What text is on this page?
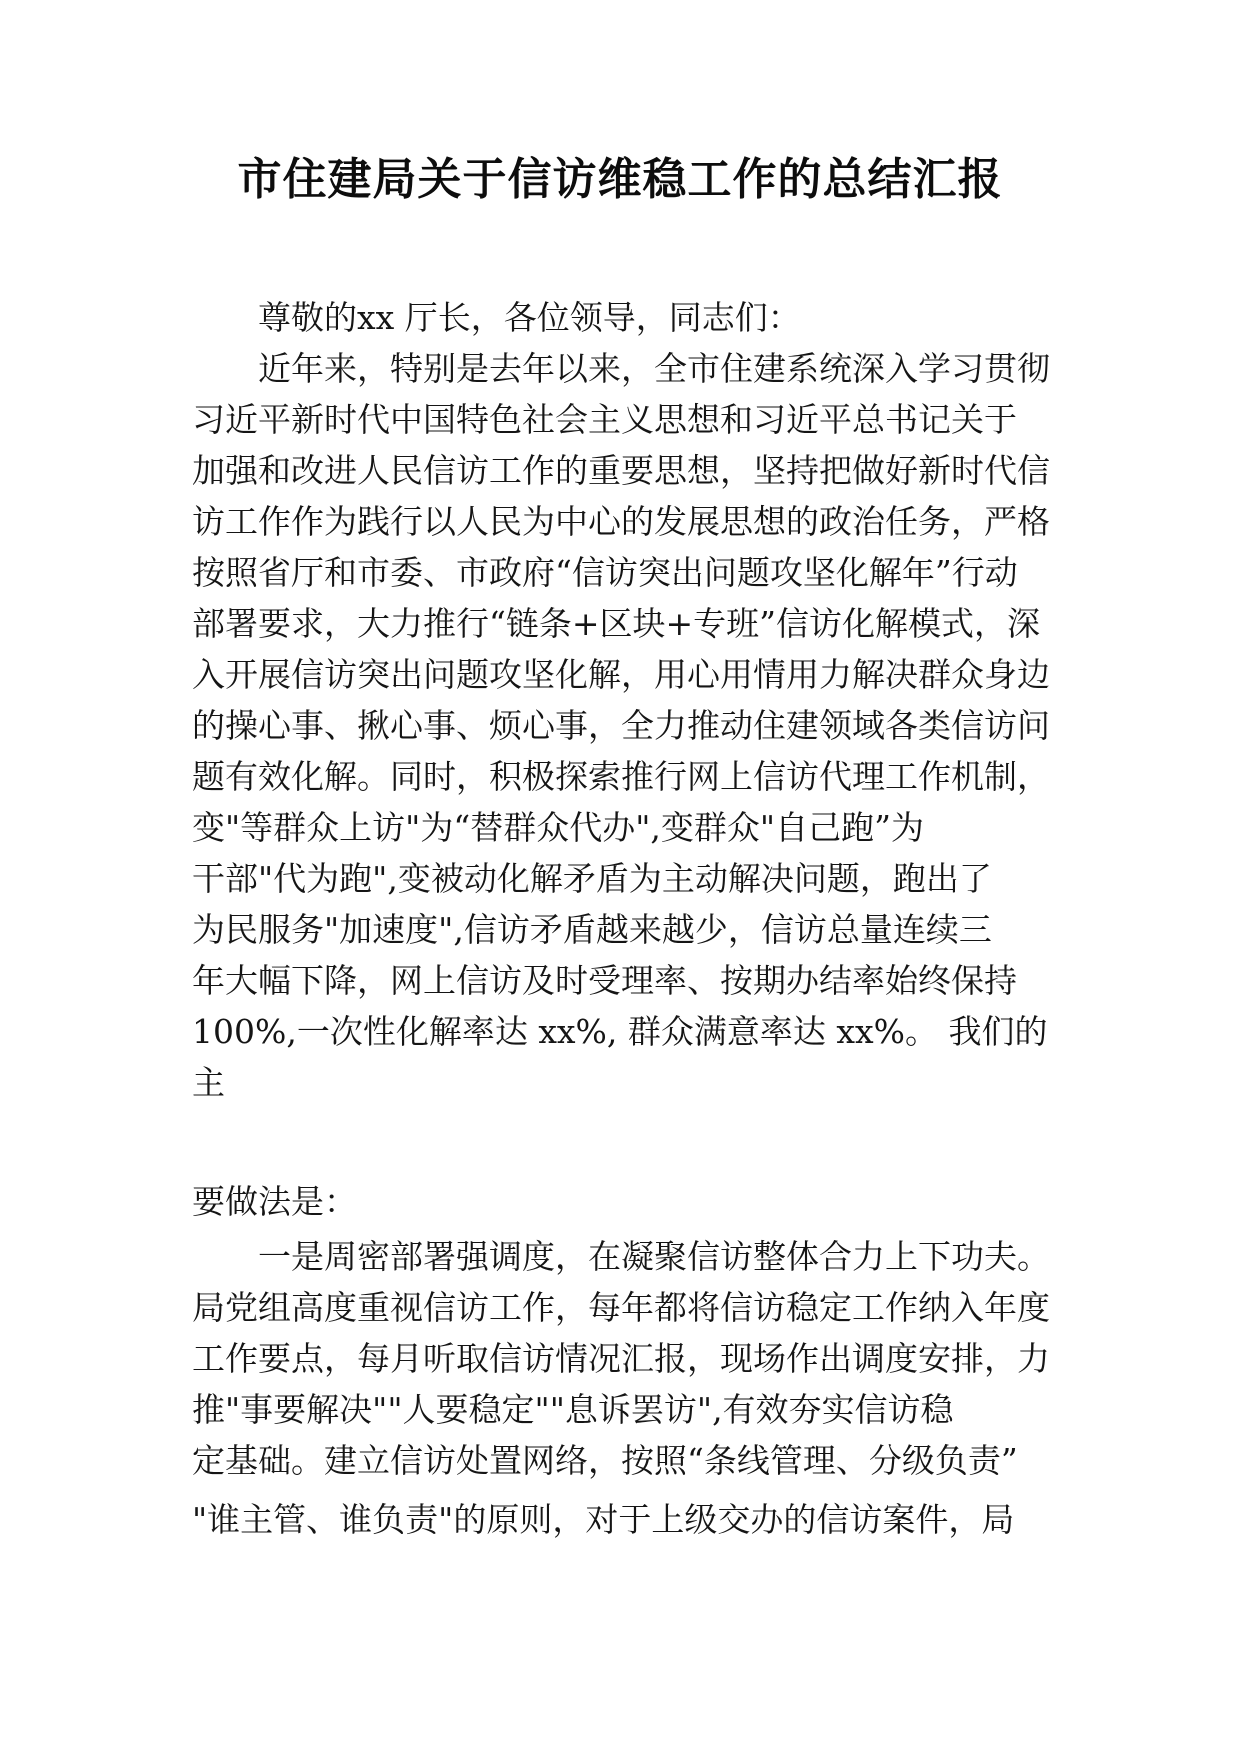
市住建局关于信访维稳工作的总结汇报
尊敬的xx 厅长，各位领导，同志们：
近年来，特别是去年以来，全市住建系统深入学习贯彻
习近平新时代中国特色社会主义思想和习近平总书记关于
加强和改进人民信访工作的重要思想，坚持把做好新时代信
访工作作为践行以人民为中心的发展思想的政治任务，严格
按照省厅和市委、市政府“信访突出问题攻坚化解年”行动
部署要求，大力推行“链条+区块+专班”信访化解模式，深
入开展信访突出问题攻坚化解，用心用情用力解决群众身边
的操心事、揪心事、烦心事，全力推动住建领域各类信访问
题有效化解。同时，积极探索推行网上信访代理工作机制，
变"等群众上访"为“替群众代办",变群众"自己跑”为
干部"代为跑",变被动化解矛盾为主动解决问题，跑出了
为民服务"加速度",信访矛盾越来越少，信访总量连续三
年大幅下降，网上信访及时受理率、按期办结率始终保持
100%,一次性化解率达 xx%, 群众满意率达 xx%。 我们的
主
要做法是：
一是周密部署强调度，在凝聚信访整体合力上下功夫。
局党组高度重视信访工作，每年都将信访稳定工作纳入年度
工作要点，每月听取信访情况汇报，现场作出调度安排，力
推"事要解决""人要稳定""息诉罢访",有效夯实信访稳
定基础。建立信访处置网络，按照“条线管理、分级负责”
"谁主管、谁负责"的原则，对于上级交办的信访案件，局
